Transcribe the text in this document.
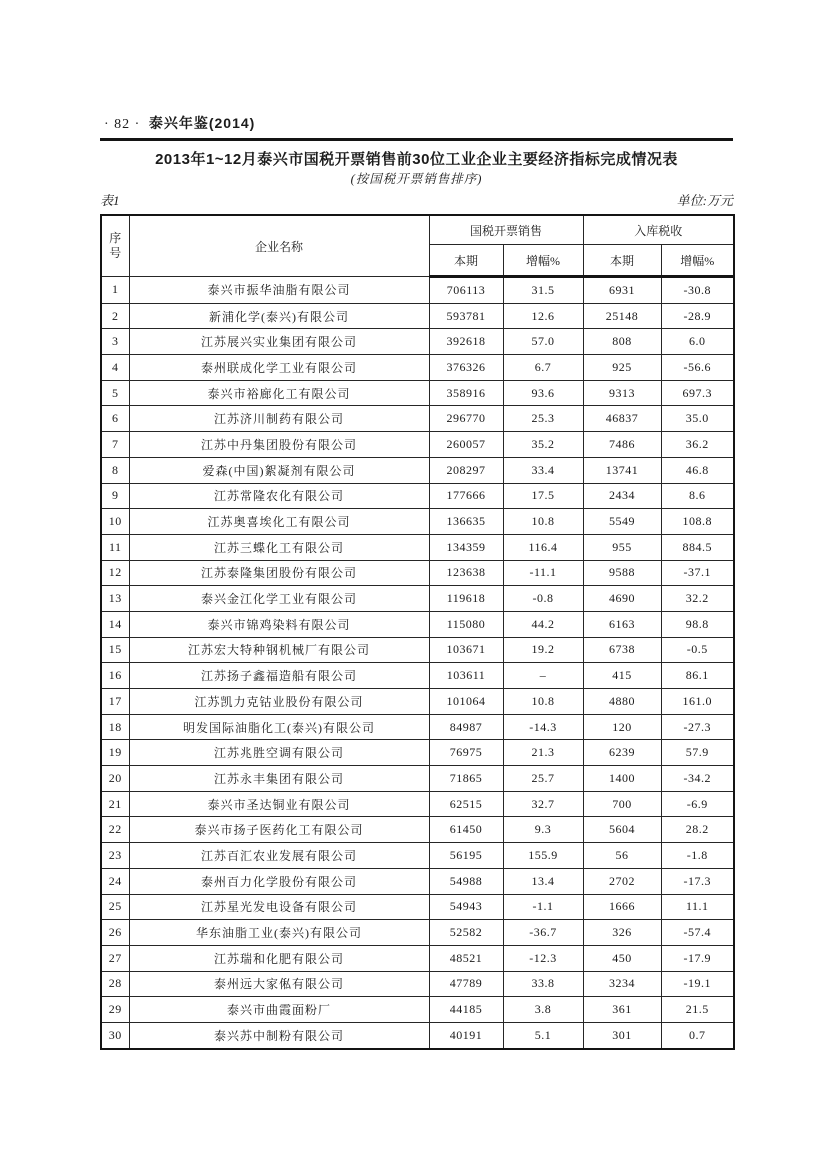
· 82 · 泰兴年鉴(2014)
2013年1~12月泰兴市国税开票销售前30位工业企业主要经济指标完成情况表
(按国税开票销售排序)
表1	单位:万元
序
号	企业名称	国税开票销售		入库税收	
		本期	增幅%	本期	增幅%
1	泰兴市振华油脂有限公司	706113	31.5	6931	-30.8
2	新浦化学(泰兴)有限公司	593781	12.6	25148	-28.9
3	江苏展兴实业集团有限公司	392618	57.0	808	6.0
4	泰州联成化学工业有限公司	376326	6.7	925	-56.6
5	泰兴市裕廊化工有限公司	358916	93.6	9313	697.3
6	江苏济川制药有限公司	296770	25.3	46837	35.0
7	江苏中丹集团股份有限公司	260057	35.2	7486	36.2
8	爱森(中国)絮凝剂有限公司	208297	33.4	13741	46.8
9	江苏常隆农化有限公司	177666	17.5	2434	8.6
10	江苏奥喜埃化工有限公司	136635	10.8	5549	108.8
11	江苏三蝶化工有限公司	134359	116.4	955	884.5
12	江苏泰隆集团股份有限公司	123638	-11.1	9588	-37.1
13	泰兴金江化学工业有限公司	119618	-0.8	4690	32.2
14	泰兴市锦鸡染料有限公司	115080	44.2	6163	98.8
15	江苏宏大特种钢机械厂有限公司	103671	19.2	6738	-0.5
16	江苏扬子鑫福造船有限公司	103611	–	415	86.1
17	江苏凯力克钴业股份有限公司	101064	10.8	4880	161.0
18	明发国际油脂化工(泰兴)有限公司	84987	-14.3	120	-27.3
19	江苏兆胜空调有限公司	76975	21.3	6239	57.9
20	江苏永丰集团有限公司	71865	25.7	1400	-34.2
21	泰兴市圣达铜业有限公司	62515	32.7	700	-6.9
22	泰兴市扬子医药化工有限公司	61450	9.3	5604	28.2
23	江苏百汇农业发展有限公司	56195	155.9	56	-1.8
24	泰州百力化学股份有限公司	54988	13.4	2702	-17.3
25	江苏星光发电设备有限公司	54943	-1.1	1666	11.1
26	华东油脂工业(泰兴)有限公司	52582	-36.7	326	-57.4
27	江苏瑞和化肥有限公司	48521	-12.3	450	-17.9
28	泰州远大家俬有限公司	47789	33.8	3234	-19.1
29	泰兴市曲霞面粉厂	44185	3.8	361	21.5
30	泰兴苏中制粉有限公司	40191	5.1	301	0.7
